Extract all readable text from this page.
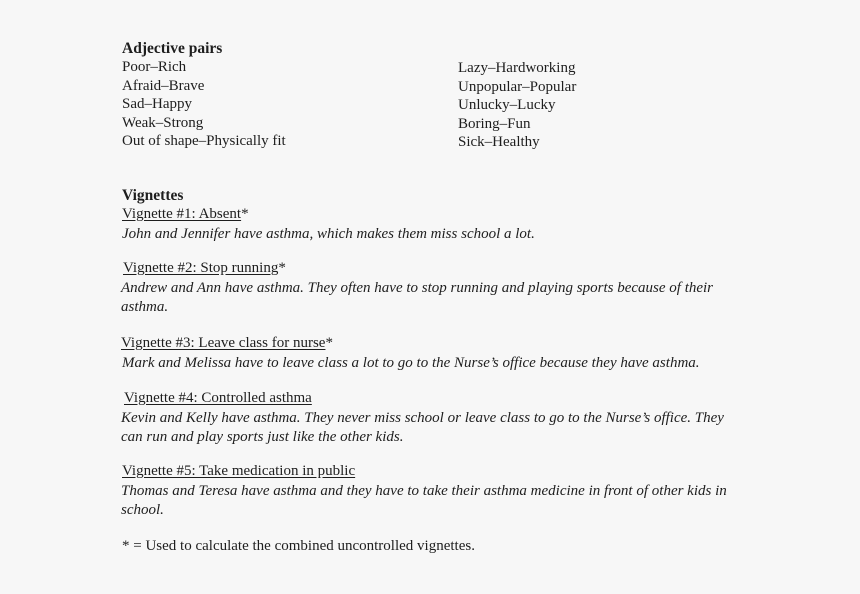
Adjective pairs
Poor–Rich
Afraid–Brave
Sad–Happy
Weak–Strong
Out of shape–Physically fit
Lazy–Hardworking
Unpopular–Popular
Unlucky–Lucky
Boring–Fun
Sick–Healthy
Vignettes
Vignette #1: Absent*
John and Jennifer have asthma, which makes them miss school a lot.
Vignette #2: Stop running*
Andrew and Ann have asthma. They often have to stop running and playing sports because of their asthma.
Vignette #3: Leave class for nurse*
Mark and Melissa have to leave class a lot to go to the Nurse’s office because they have asthma.
Vignette #4: Controlled asthma
Kevin and Kelly have asthma. They never miss school or leave class to go to the Nurse’s office. They can run and play sports just like the other kids.
Vignette #5: Take medication in public
Thomas and Teresa have asthma and they have to take their asthma medicine in front of other kids in school.
* = Used to calculate the combined uncontrolled vignettes.
